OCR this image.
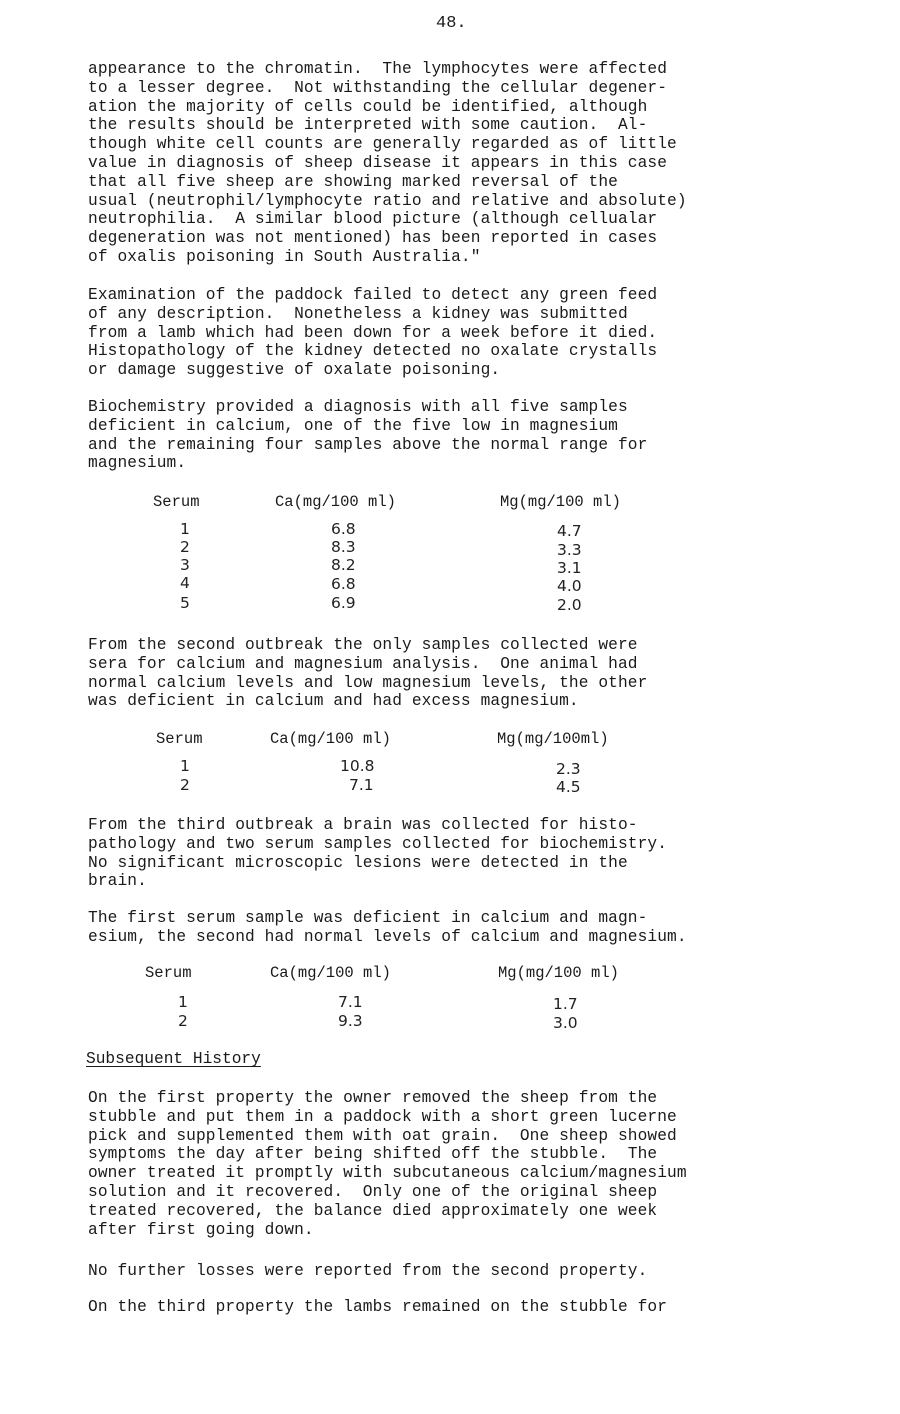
48.
appearance to the chromatin.  The lymphocytes were affected
to a lesser degree.  Not withstanding the cellular degener-
ation the majority of cells could be identified, although
the results should be interpreted with some caution.  Al-
though white cell counts are generally regarded as of little
value in diagnosis of sheep disease it appears in this case
that all five sheep are showing marked reversal of the
usual (neutrophil/lymphocyte ratio and relative and absolute)
neutrophilia.  A similar blood picture (although cellualar
degeneration was not mentioned) has been reported in cases
of oxalis poisoning in South Australia."
Examination of the paddock failed to detect any green feed
of any description.  Nonetheless a kidney was submitted
from a lamb which had been down for a week before it died.
Histopathology of the kidney detected no oxalate crystalls
or damage suggestive of oxalate poisoning.
Biochemistry provided a diagnosis with all five samples
deficient in calcium, one of the five low in magnesium
and the remaining four samples above the normal range for
magnesium.
Serum	Ca(mg/100 ml)	Mg(mg/100 ml)
1	6.8	4.7
2	8.3	3.3
3	8.2	3.1
4	6.8	4.0
5	6.9	2.0
From the second outbreak the only samples collected were
sera for calcium and magnesium analysis.  One animal had
normal calcium levels and low magnesium levels, the other
was deficient in calcium and had excess magnesium.
Serum	Ca(mg/100 ml)	Mg(mg/100ml)
1	10.8	2.3
2	7.1	4.5
From the third outbreak a brain was collected for histo-
pathology and two serum samples collected for biochemistry.
No significant microscopic lesions were detected in the
brain.
The first serum sample was deficient in calcium and magn-
esium, the second had normal levels of calcium and magnesium.
Serum	Ca(mg/100 ml)	Mg(mg/100 ml)
1	7.1	1.7
2	9.3	3.0
Subsequent History
On the first property the owner removed the sheep from the
stubble and put them in a paddock with a short green lucerne
pick and supplemented them with oat grain.  One sheep showed
symptoms the day after being shifted off the stubble.  The
owner treated it promptly with subcutaneous calcium/magnesium
solution and it recovered.  Only one of the original sheep
treated recovered, the balance died approximately one week
after first going down.
No further losses were reported from the second property.
On the third property the lambs remained on the stubble for
